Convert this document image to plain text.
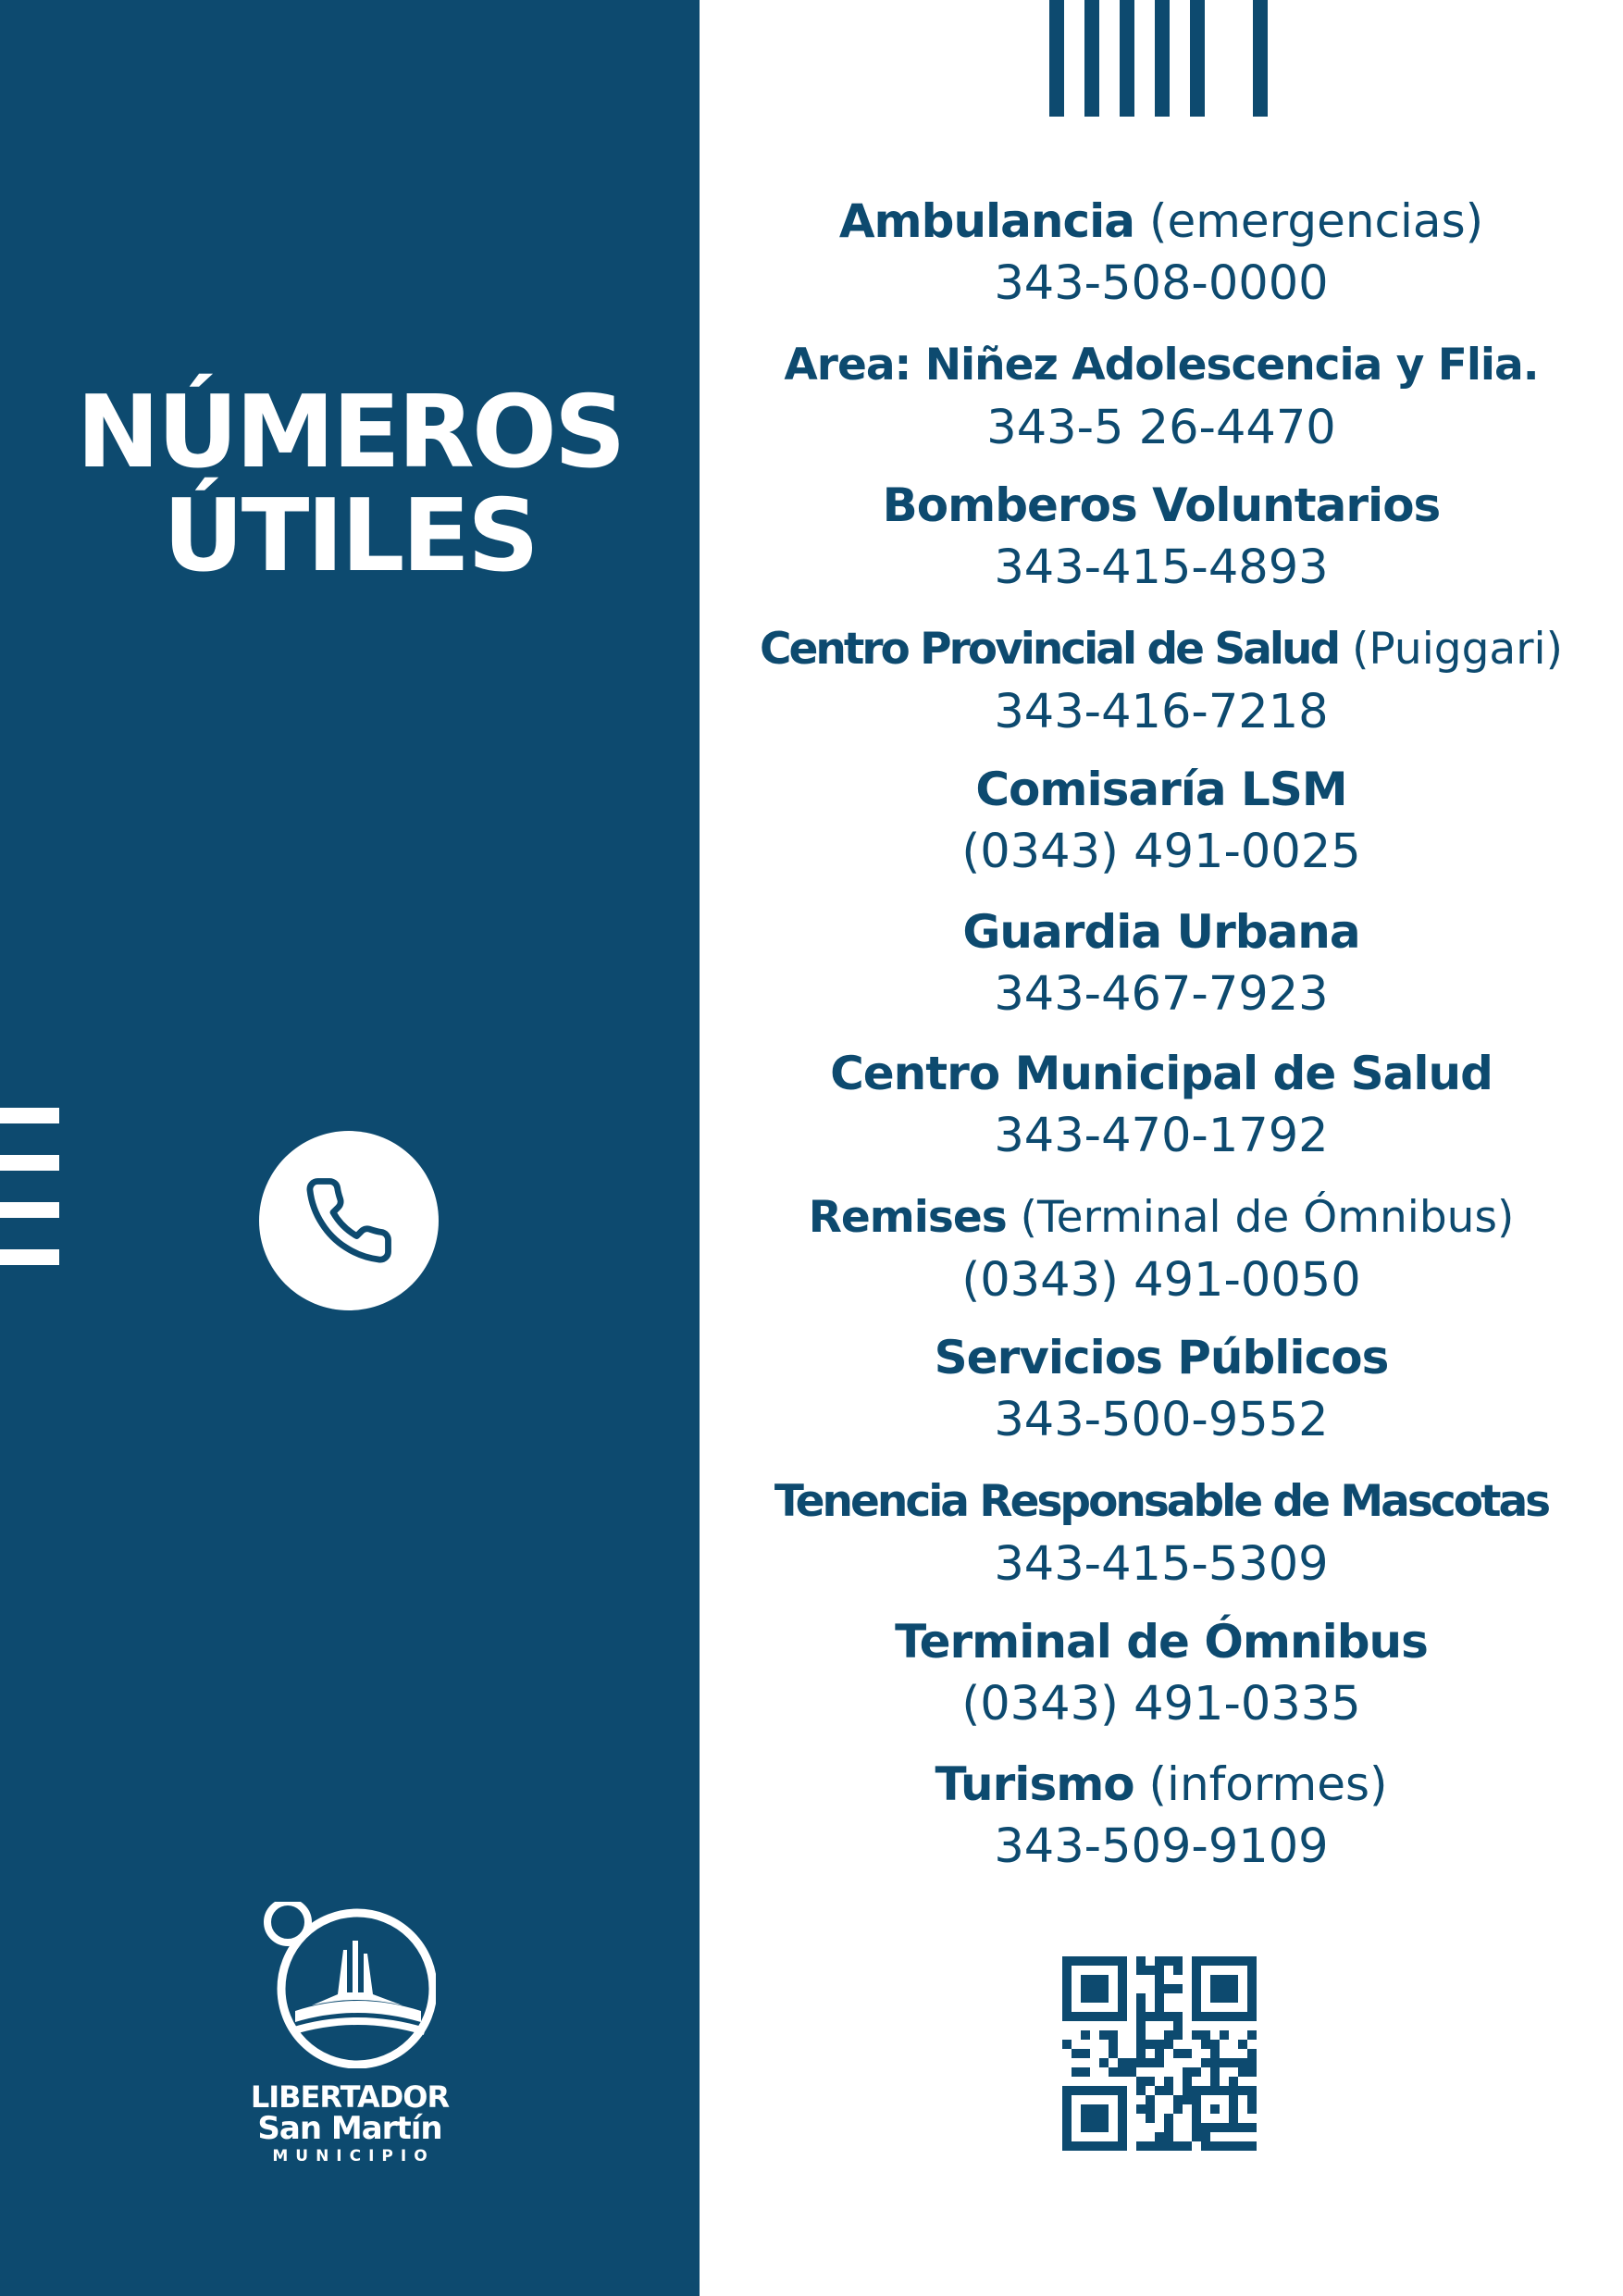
NÚMEROS
ÚTILES
LIBERTADOR
San Martín
MUNICIPIO
Ambulancia (emergencias)
343-508-0000
Area: Niñez Adolescencia y Flia.
343-5 26-4470
Bomberos Voluntarios
343-415-4893
Centro Provincial de Salud (Puiggari)
343-416-7218
Comisaría LSM
(0343) 491-0025
Guardia Urbana
343-467-7923
Centro Municipal de Salud
343-470-1792
Remises (Terminal de Ómnibus)
(0343) 491-0050
Servicios Públicos
343-500-9552
Tenencia Responsable de Mascotas
343-415-5309
Terminal de Ómnibus
(0343) 491-0335
Turismo (informes)
343-509-9109
